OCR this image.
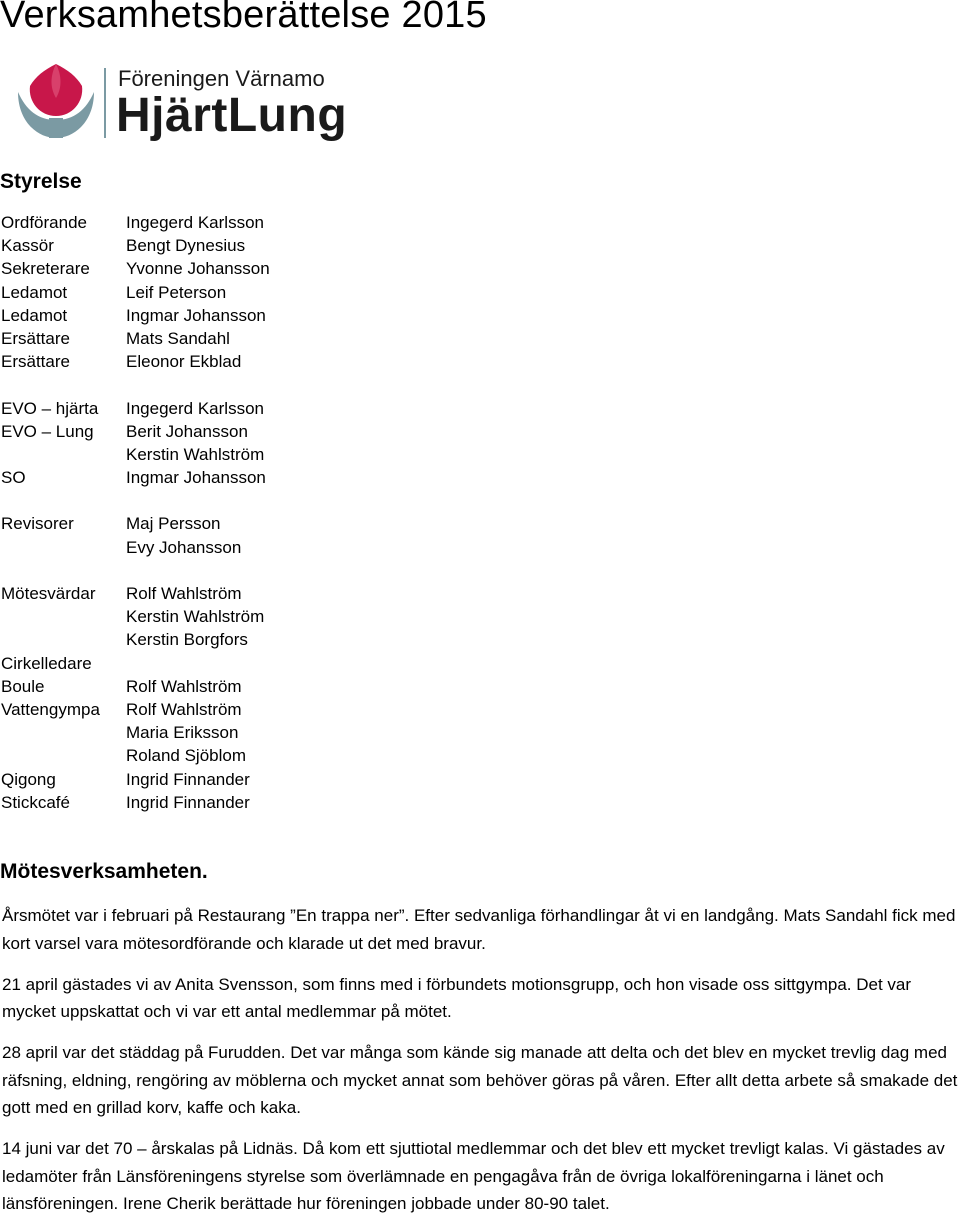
Verksamhetsberättelse 2015
Föreningen Värnamo
HjärtLung
Styrelse
Ordförande
Kassör
Sekreterare
Ledamot
Ledamot
Ersättare
Ersättare
EVO – hjärta
EVO – Lung
SO
Revisorer
Mötesvärdar
Cirkelledare
Boule
Vattengympa
Qigong
Stickcafé
Ingegerd Karlsson
Bengt Dynesius
Yvonne Johansson
Leif Peterson
Ingmar Johansson
Mats Sandahl
Eleonor Ekblad
Ingegerd Karlsson
Berit Johansson
Kerstin Wahlström
Ingmar Johansson
Maj Persson
Evy Johansson
Rolf Wahlström
Kerstin Wahlström
Kerstin Borgfors
Rolf Wahlström
Rolf Wahlström
Maria Eriksson
Roland Sjöblom
Ingrid Finnander
Ingrid Finnander
Mötesverksamheten.

Årsmötet var i februari på Restaurang ”En trappa ner”. Efter sedvanliga förhandlingar åt vi en landgång. Mats Sandahl fick med kort varsel vara mötesordförande och klarade ut det med bravur.

21 april gästades vi av Anita Svensson, som finns med i förbundets motionsgrupp, och hon visade oss sittgympa. Det var mycket uppskattat och vi var ett antal medlemmar på mötet.

28 april var det städdag på Furudden. Det var många som kände sig manade att delta och det blev en mycket trevlig dag med räfsning, eldning, rengöring av möblerna och mycket annat som behöver göras på våren. Efter allt detta arbete så smakade det gott med en grillad korv, kaffe och kaka.

14 juni var det 70 – årskalas på Lidnäs. Då kom ett sjuttiotal medlemmar och det blev ett mycket trevligt kalas. Vi gästades av ledamöter från Länsföreningens styrelse som överlämnade en pengagåva från de övriga lokalföreningarna i länet och länsföreningen. Irene Cherik berättade hur föreningen jobbade under 80-90 talet.
